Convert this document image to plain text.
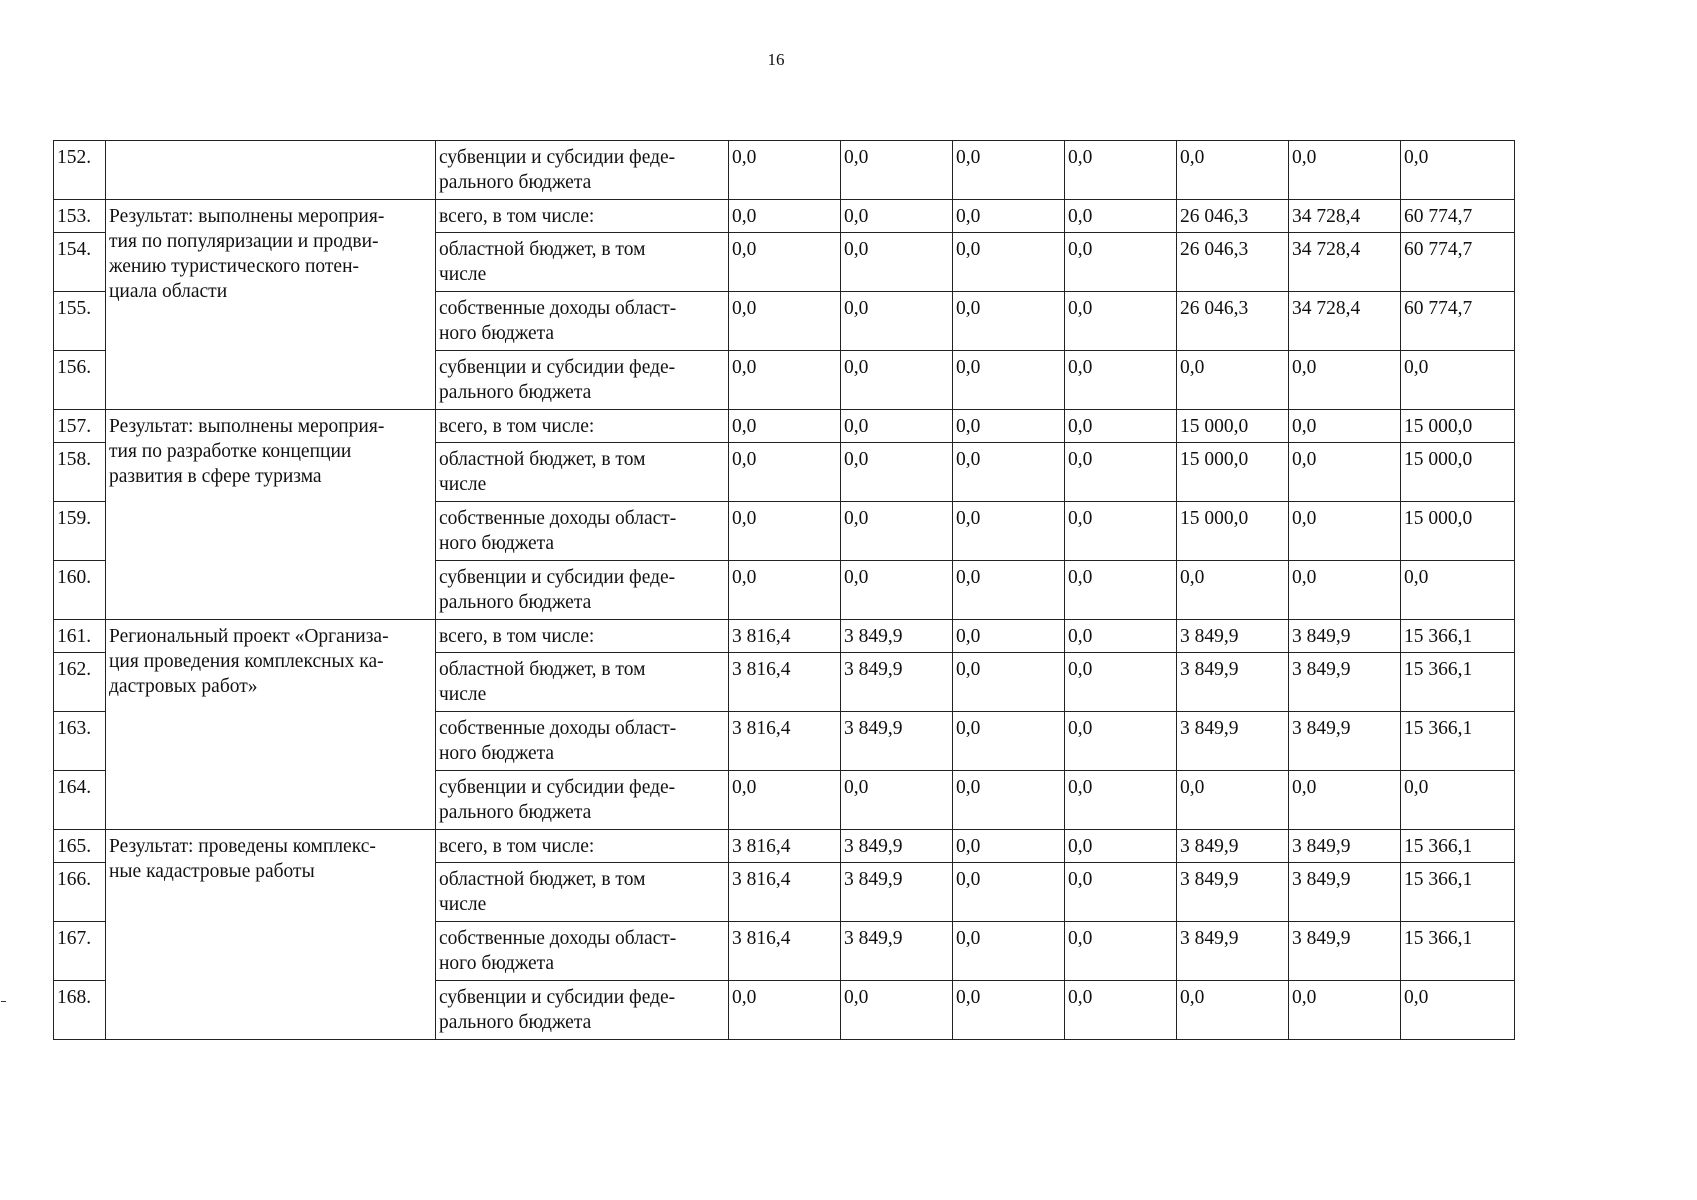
16
152.		субвенции и субсидии феде-
рального бюджета	0,0	0,0	0,0	0,0	0,0	0,0	0,0
153.	Результат: выполнены мероприя-
тия по популяризации и продви-
жению туристического потен-
циала области	всего, в том числе:	0,0	0,0	0,0	0,0	26 046,3	34 728,4	60 774,7
154.		областной бюджет, в том
числе	0,0	0,0	0,0	0,0	26 046,3	34 728,4	60 774,7
155.		собственные доходы област-
ного бюджета	0,0	0,0	0,0	0,0	26 046,3	34 728,4	60 774,7
156.		субвенции и субсидии феде-
рального бюджета	0,0	0,0	0,0	0,0	0,0	0,0	0,0
157.	Результат: выполнены мероприя-
тия по разработке концепции
развития в сфере туризма	всего, в том числе:	0,0	0,0	0,0	0,0	15 000,0	0,0	15 000,0
158.		областной бюджет, в том
числе	0,0	0,0	0,0	0,0	15 000,0	0,0	15 000,0
159.		собственные доходы област-
ного бюджета	0,0	0,0	0,0	0,0	15 000,0	0,0	15 000,0
160.		субвенции и субсидии феде-
рального бюджета	0,0	0,0	0,0	0,0	0,0	0,0	0,0
161.	Региональный проект «Организа-
ция проведения комплексных ка-
дастровых работ»	всего, в том числе:	3 816,4	3 849,9	0,0	0,0	3 849,9	3 849,9	15 366,1
162.		областной бюджет, в том
числе	3 816,4	3 849,9	0,0	0,0	3 849,9	3 849,9	15 366,1
163.		собственные доходы област-
ного бюджета	3 816,4	3 849,9	0,0	0,0	3 849,9	3 849,9	15 366,1
164.		субвенции и субсидии феде-
рального бюджета	0,0	0,0	0,0	0,0	0,0	0,0	0,0
165.	Результат: проведены комплекс-
ные кадастровые работы	всего, в том числе:	3 816,4	3 849,9	0,0	0,0	3 849,9	3 849,9	15 366,1
166.		областной бюджет, в том
числе	3 816,4	3 849,9	0,0	0,0	3 849,9	3 849,9	15 366,1
167.		собственные доходы област-
ного бюджета	3 816,4	3 849,9	0,0	0,0	3 849,9	3 849,9	15 366,1
168.		субвенции и субсидии феде-
рального бюджета	0,0	0,0	0,0	0,0	0,0	0,0	0,0
